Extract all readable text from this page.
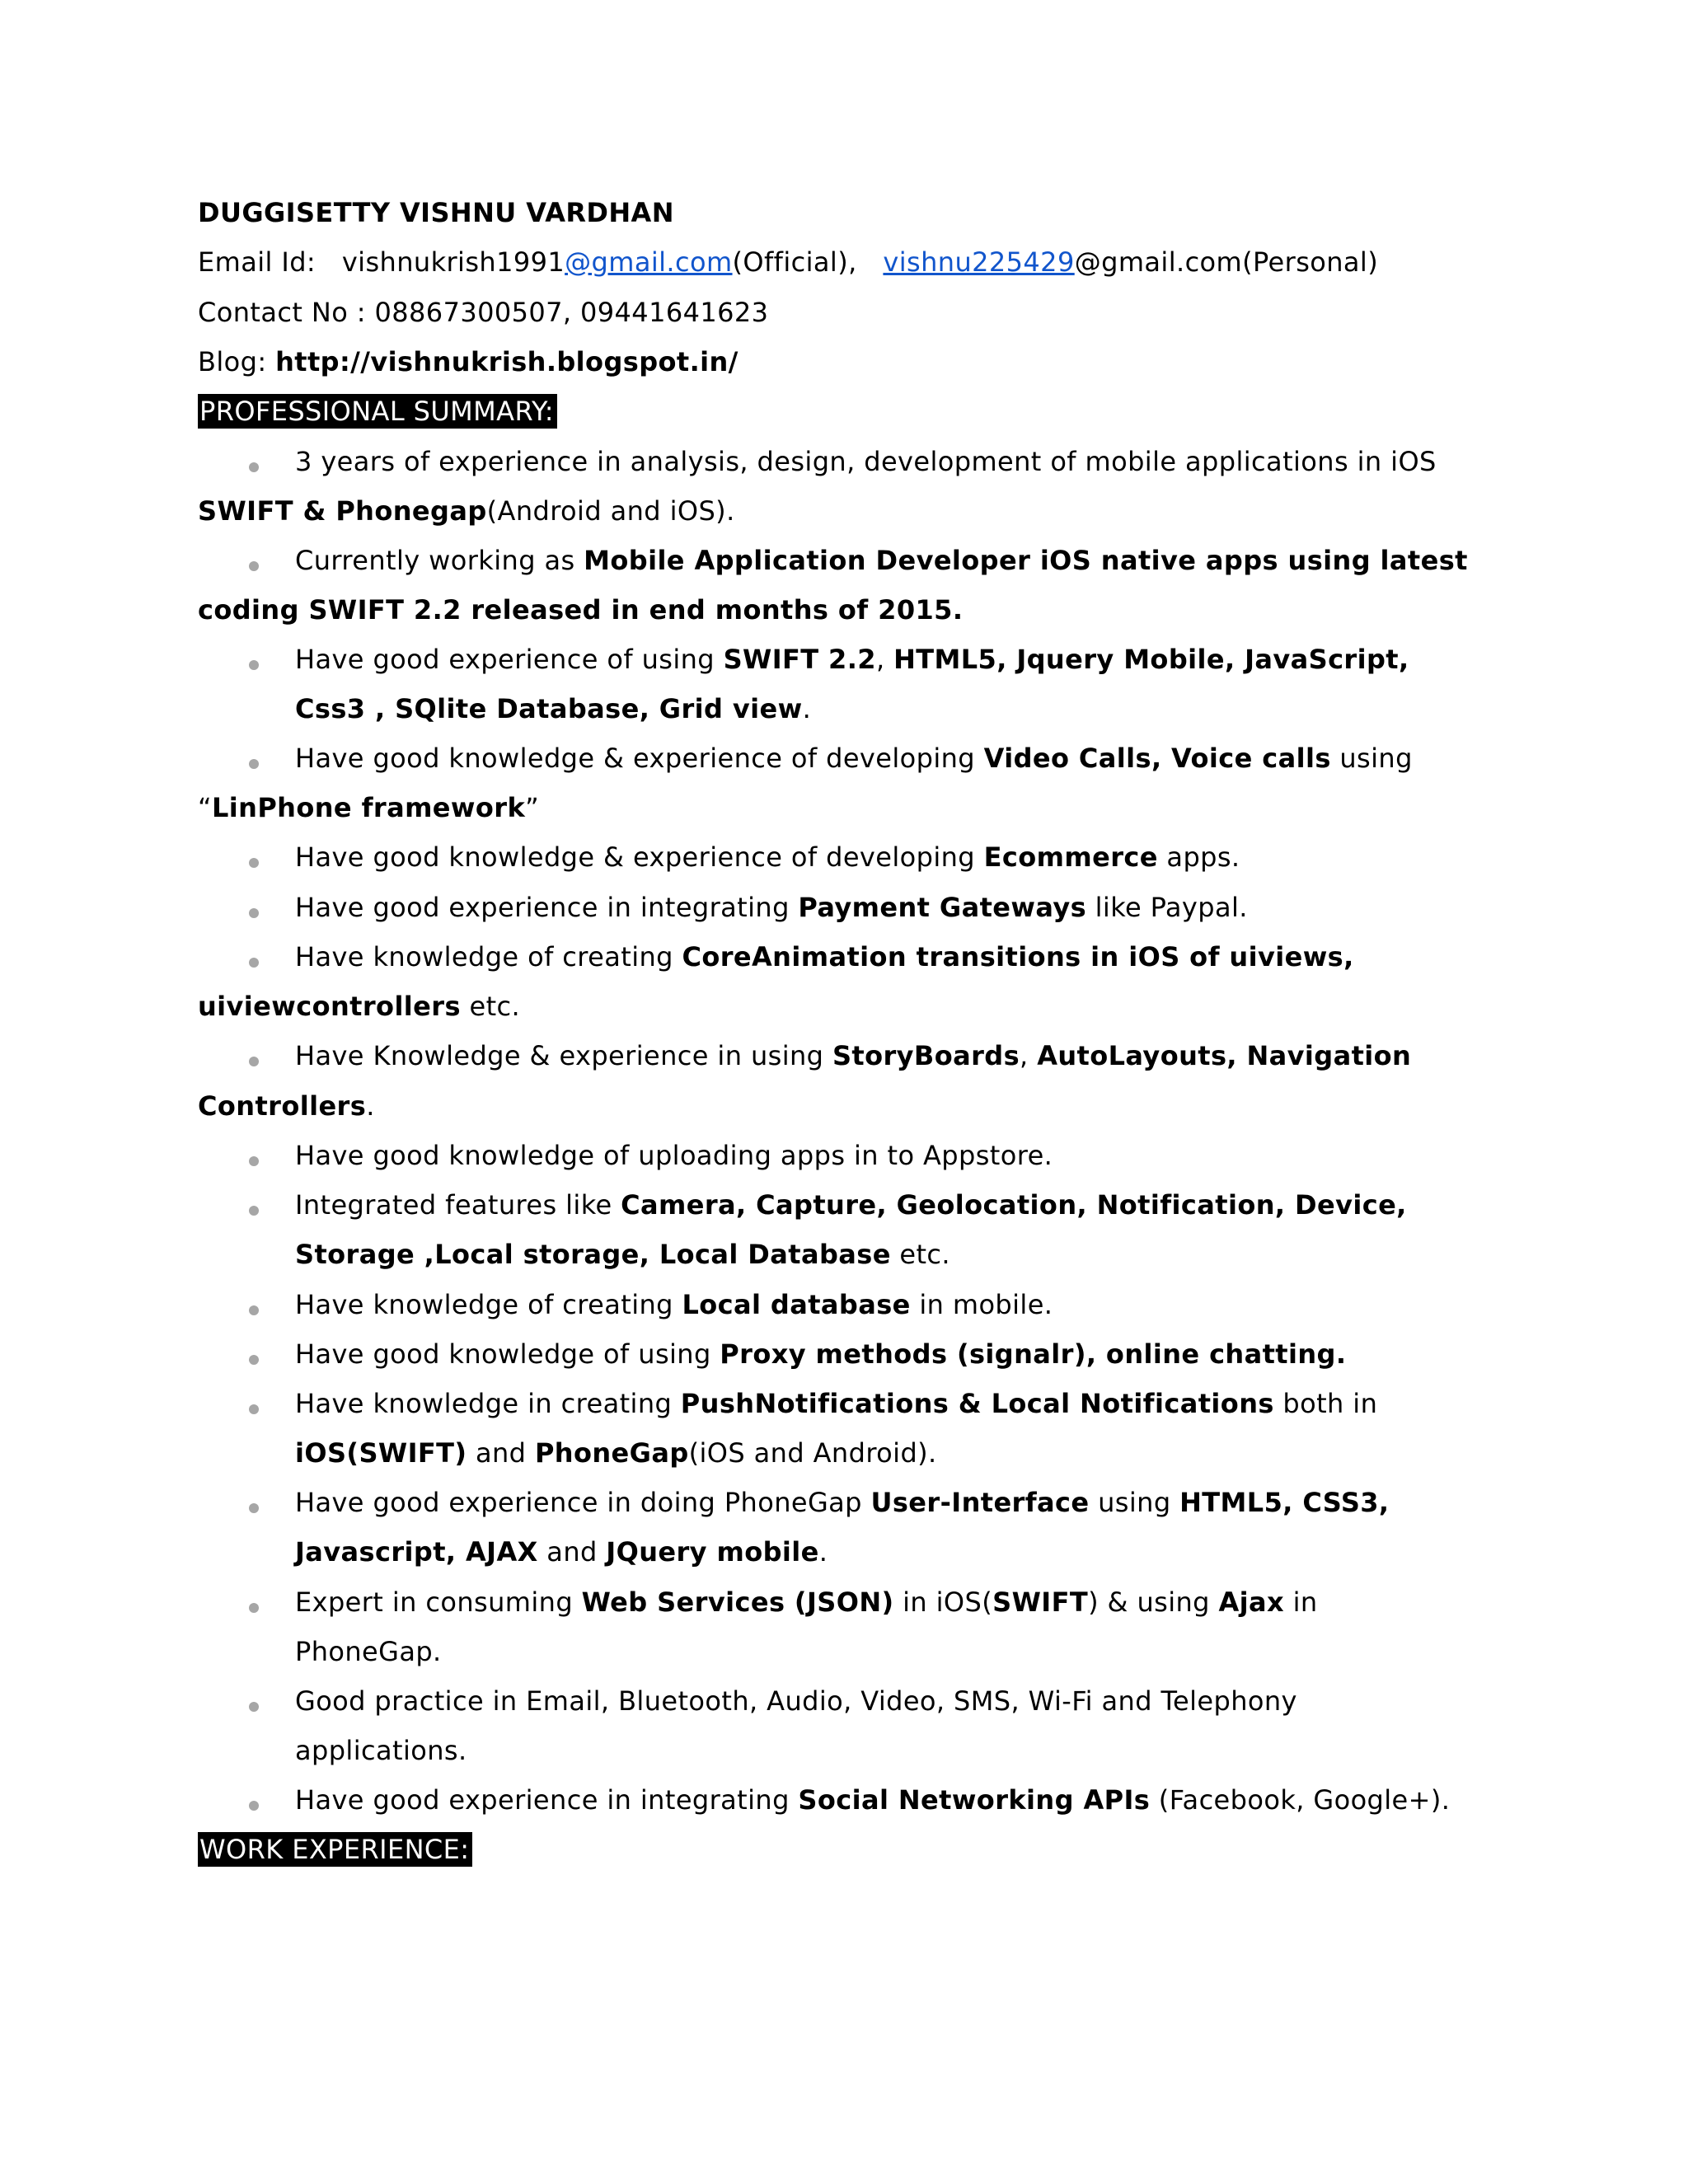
DUGGISETTY VISHNU VARDHAN
Email Id: vishnukrish1991@gmail.com(Official), vishnu225429@gmail.com(Personal)
Contact No : 08867300507, 09441641623
Blog: http://vishnukrish.blogspot.in/
PROFESSIONAL SUMMARY:
3 years of experience in analysis, design, development of mobile applications in iOS
SWIFT & Phonegap(Android and iOS).
Currently working as Mobile Application Developer iOS native apps using latest
coding SWIFT 2.2 released in end months of 2015.
Have good experience of using SWIFT 2.2, HTML5, Jquery Mobile, JavaScript,
Css3 , SQlite Database, Grid view.
Have good knowledge & experience of developing Video Calls, Voice calls using
“LinPhone framework”
Have good knowledge & experience of developing Ecommerce apps.
Have good experience in integrating Payment Gateways like Paypal.
Have knowledge of creating CoreAnimation transitions in iOS of uiviews,
uiviewcontrollers etc.
Have Knowledge & experience in using StoryBoards, AutoLayouts, Navigation
Controllers.
Have good knowledge of uploading apps in to Appstore.
Integrated features like Camera, Capture, Geolocation, Notification, Device,
Storage ,Local storage, Local Database etc.
Have knowledge of creating Local database in mobile.
Have good knowledge of using Proxy methods (signalr), online chatting.
Have knowledge in creating PushNotifications & Local Notifications both in
iOS(SWIFT) and PhoneGap(iOS and Android).
Have good experience in doing PhoneGap User-Interface using HTML5, CSS3,
Javascript, AJAX and JQuery mobile.
Expert in consuming Web Services (JSON) in iOS(SWIFT) & using Ajax in
PhoneGap.
Good practice in Email, Bluetooth, Audio, Video, SMS, Wi-Fi and Telephony
applications.
Have good experience in integrating Social Networking APIs (Facebook, Google+).
WORK EXPERIENCE:
